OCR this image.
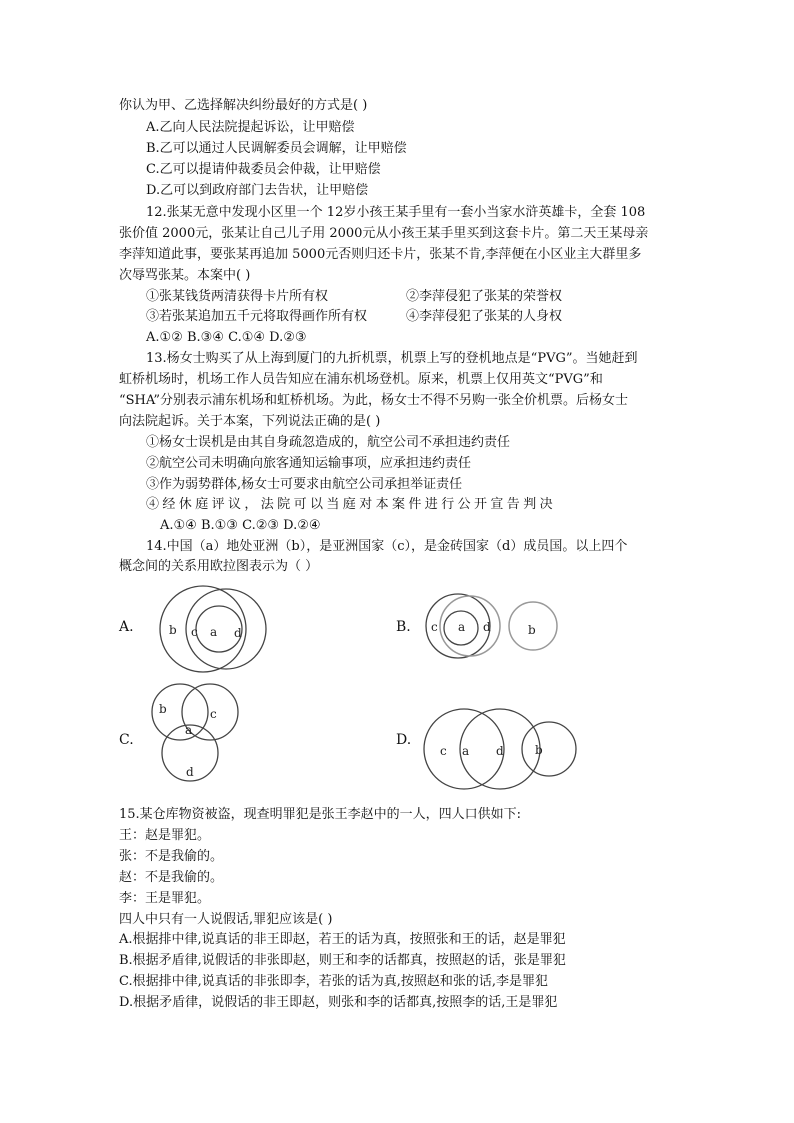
你认为甲、乙选择解决纠纷最好的方式是( )
A.乙向人民法院提起诉讼，让甲赔偿
B.乙可以通过人民调解委员会调解，让甲赔偿
C.乙可以提请仲裁委员会仲裁，让甲赔偿
D.乙可以到政府部门去告状，让甲赔偿
12.张某无意中发现小区里一个 12岁小孩王某手里有一套小当家水浒英雄卡，全套 108
张价值 2000元，张某让自己儿子用 2000元从小孩王某手里买到这套卡片。第二天王某母亲
李萍知道此事，要张某再追加 5000元否则归还卡片，张某不肯,李萍便在小区业主大群里多
次辱骂张某。本案中( )
①张某钱货两清获得卡片所有权	②李萍侵犯了张某的荣誉权
③若张某追加五千元将取得画作所有权	④李萍侵犯了张某的人身权
A.①② B.③④ C.①④ D.②③
13.杨女士购买了从上海到厦门的九折机票，机票上写的登机地点是“PVG”。当她赶到
虹桥机场时，机场工作人员告知应在浦东机场登机。原来，机票上仅用英文“PVG”和
“SHA”分别表示浦东机场和虹桥机场。为此，杨女士不得不另购一张全价机票。后杨女士
向法院起诉。关于本案，下列说法正确的是( )
①杨女士误机是由其自身疏忽造成的，航空公司不承担违约责任
②航空公司未明确向旅客通知运输事项，应承担违约责任
③作为弱势群体,杨女士可要求由航空公司承担举证责任
④经休庭评议，法院可以当庭对本案件进行公开宣告判决
A.①④ B.①③ C.②③ D.②④
14.中国（a）地处亚洲（b），是亚洲国家（c），是金砖国家（d）成员国。以上四个
概念间的关系用欧拉图表示为（ ）
A.	b c a d	B. c a d	b
C.
b	c
a
d
D.
c a d	b
15.某仓库物资被盗，现查明罪犯是张王李赵中的一人，四人口供如下:
王：赵是罪犯。
张：不是我偷的。
赵：不是我偷的。
李：王是罪犯。
四人中只有一人说假话,罪犯应该是( )
A.根据排中律,说真话的非王即赵，若王的话为真，按照张和王的话，赵是罪犯
B.根据矛盾律,说假话的非张即赵，则王和李的话都真，按照赵的话，张是罪犯
C.根据排中律,说真话的非张即李，若张的话为真,按照赵和张的话,李是罪犯
D.根据矛盾律，说假话的非王即赵，则张和李的话都真,按照李的话,王是罪犯
